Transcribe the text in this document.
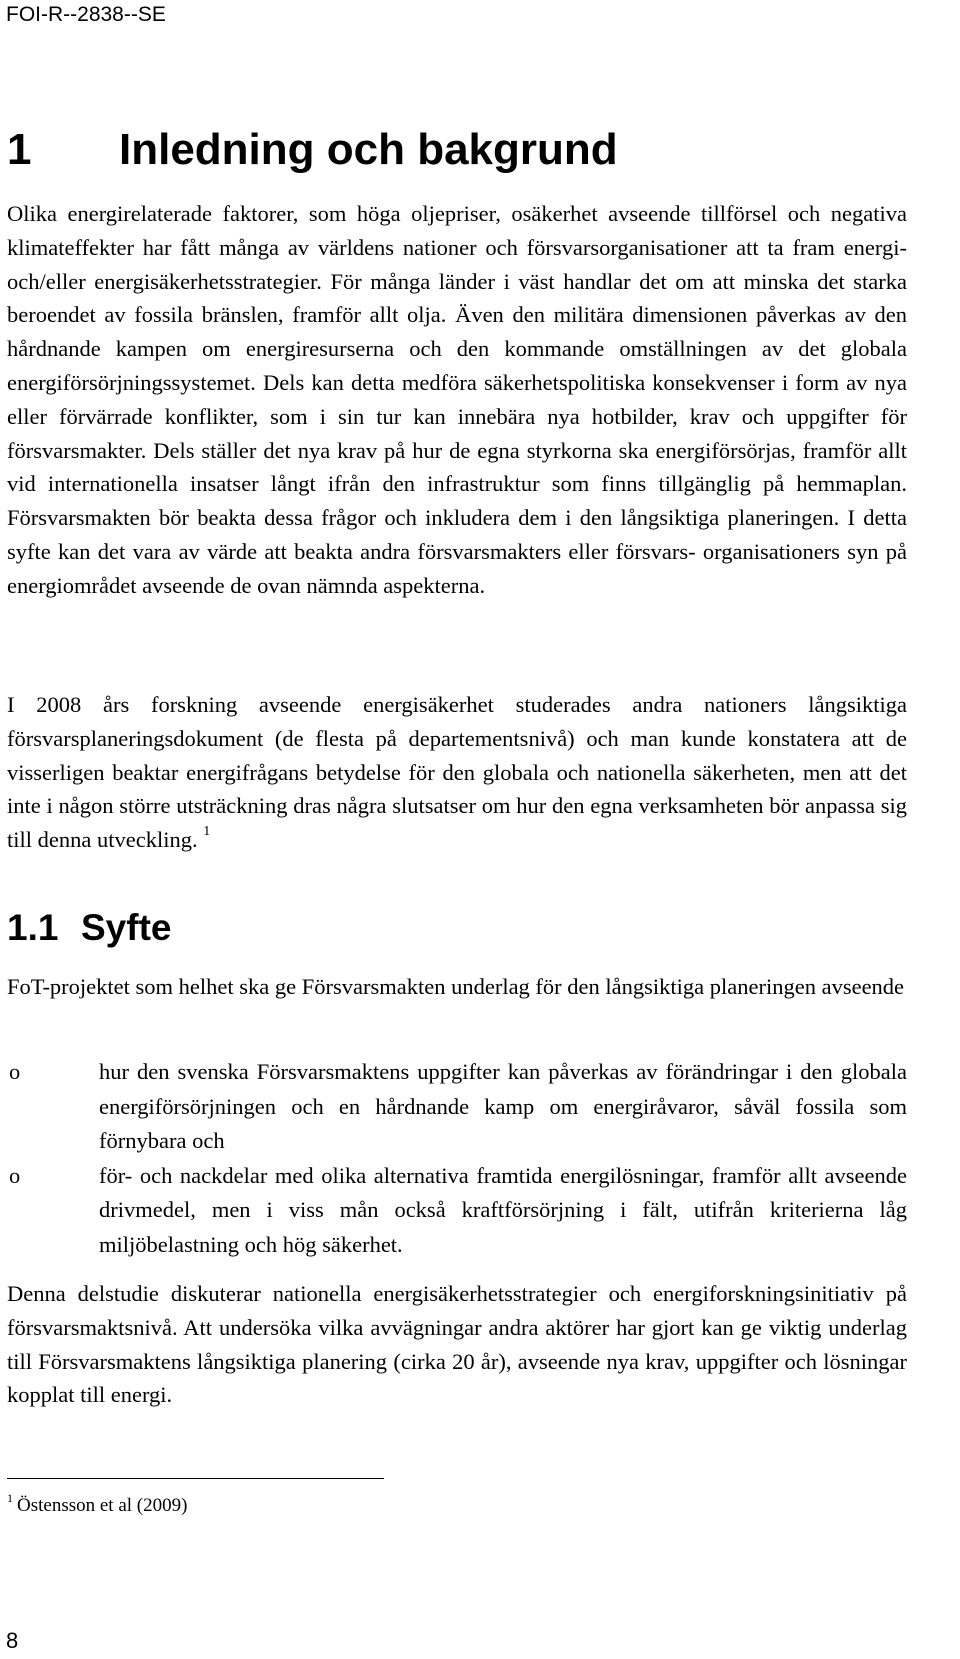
FOI-R--2838--SE
1 Inledning och bakgrund

Olika energirelaterade faktorer, som höga oljepriser, osäkerhet avseende tillförsel och negativa klimateffekter har fått många av världens nationer och försvarsorganisationer att ta fram energi- och/eller energisäkerhetsstrategier. För många länder i väst handlar det om att minska det starka beroendet av fossila bränslen, framför allt olja. Även den militära dimensionen påverkas av den hårdnande kampen om energiresurserna och den kommande omställningen av det globala energiförsörjningssystemet. Dels kan detta medföra säkerhetspolitiska konsekvenser i form av nya eller förvärrade konflikter, som i sin tur kan innebära nya hotbilder, krav och uppgifter för försvarsmakter. Dels ställer det nya krav på hur de egna styrkorna ska energiförsörjas, framför allt vid internationella insatser långt ifrån den infrastruktur som finns tillgänglig på hemmaplan. Försvarsmakten bör beakta dessa frågor och inkludera dem i den långsiktiga planeringen. I detta syfte kan det vara av värde att beakta andra försvarsmakters eller försvars- organisationers syn på energiområdet avseende de ovan nämnda aspekterna.

I 2008 års forskning avseende energisäkerhet studerades andra nationers långsiktiga försvarsplaneringsdokument (de flesta på departementsnivå) och man kunde konstatera att de visserligen beaktar energifrågans betydelse för den globala och nationella säkerheten, men att det inte i någon större utsträckning dras några slutsatser om hur den egna verksamheten bör anpassa sig till denna utveckling. $^1$

1.1 Syfte

FoT-projektet som helhet ska ge Försvarsmakten underlag för den långsiktiga planeringen avseende

o	hur den svenska Försvarsmaktens uppgifter kan påverkas av förändringar i den globala energiförsörjningen och en hårdnande kamp om energiråvaror, såväl fossila som förnybara och
o	för- och nackdelar med olika alternativa framtida energilösningar, framför allt avseende drivmedel, men i viss mån också kraftförsörjning i fält, utifrån kriterierna låg miljöbelastning och hög säkerhet.

Denna delstudie diskuterar nationella energisäkerhetsstrategier och energiforskningsinitiativ på försvarsmaktsnivå. Att undersöka vilka avvägningar andra aktörer har gjort kan ge viktig underlag till Försvarsmaktens långsiktiga planering (cirka 20 år), avseende nya krav, uppgifter och lösningar kopplat till energi.

$^1$ Östensson et al (2009)
8
